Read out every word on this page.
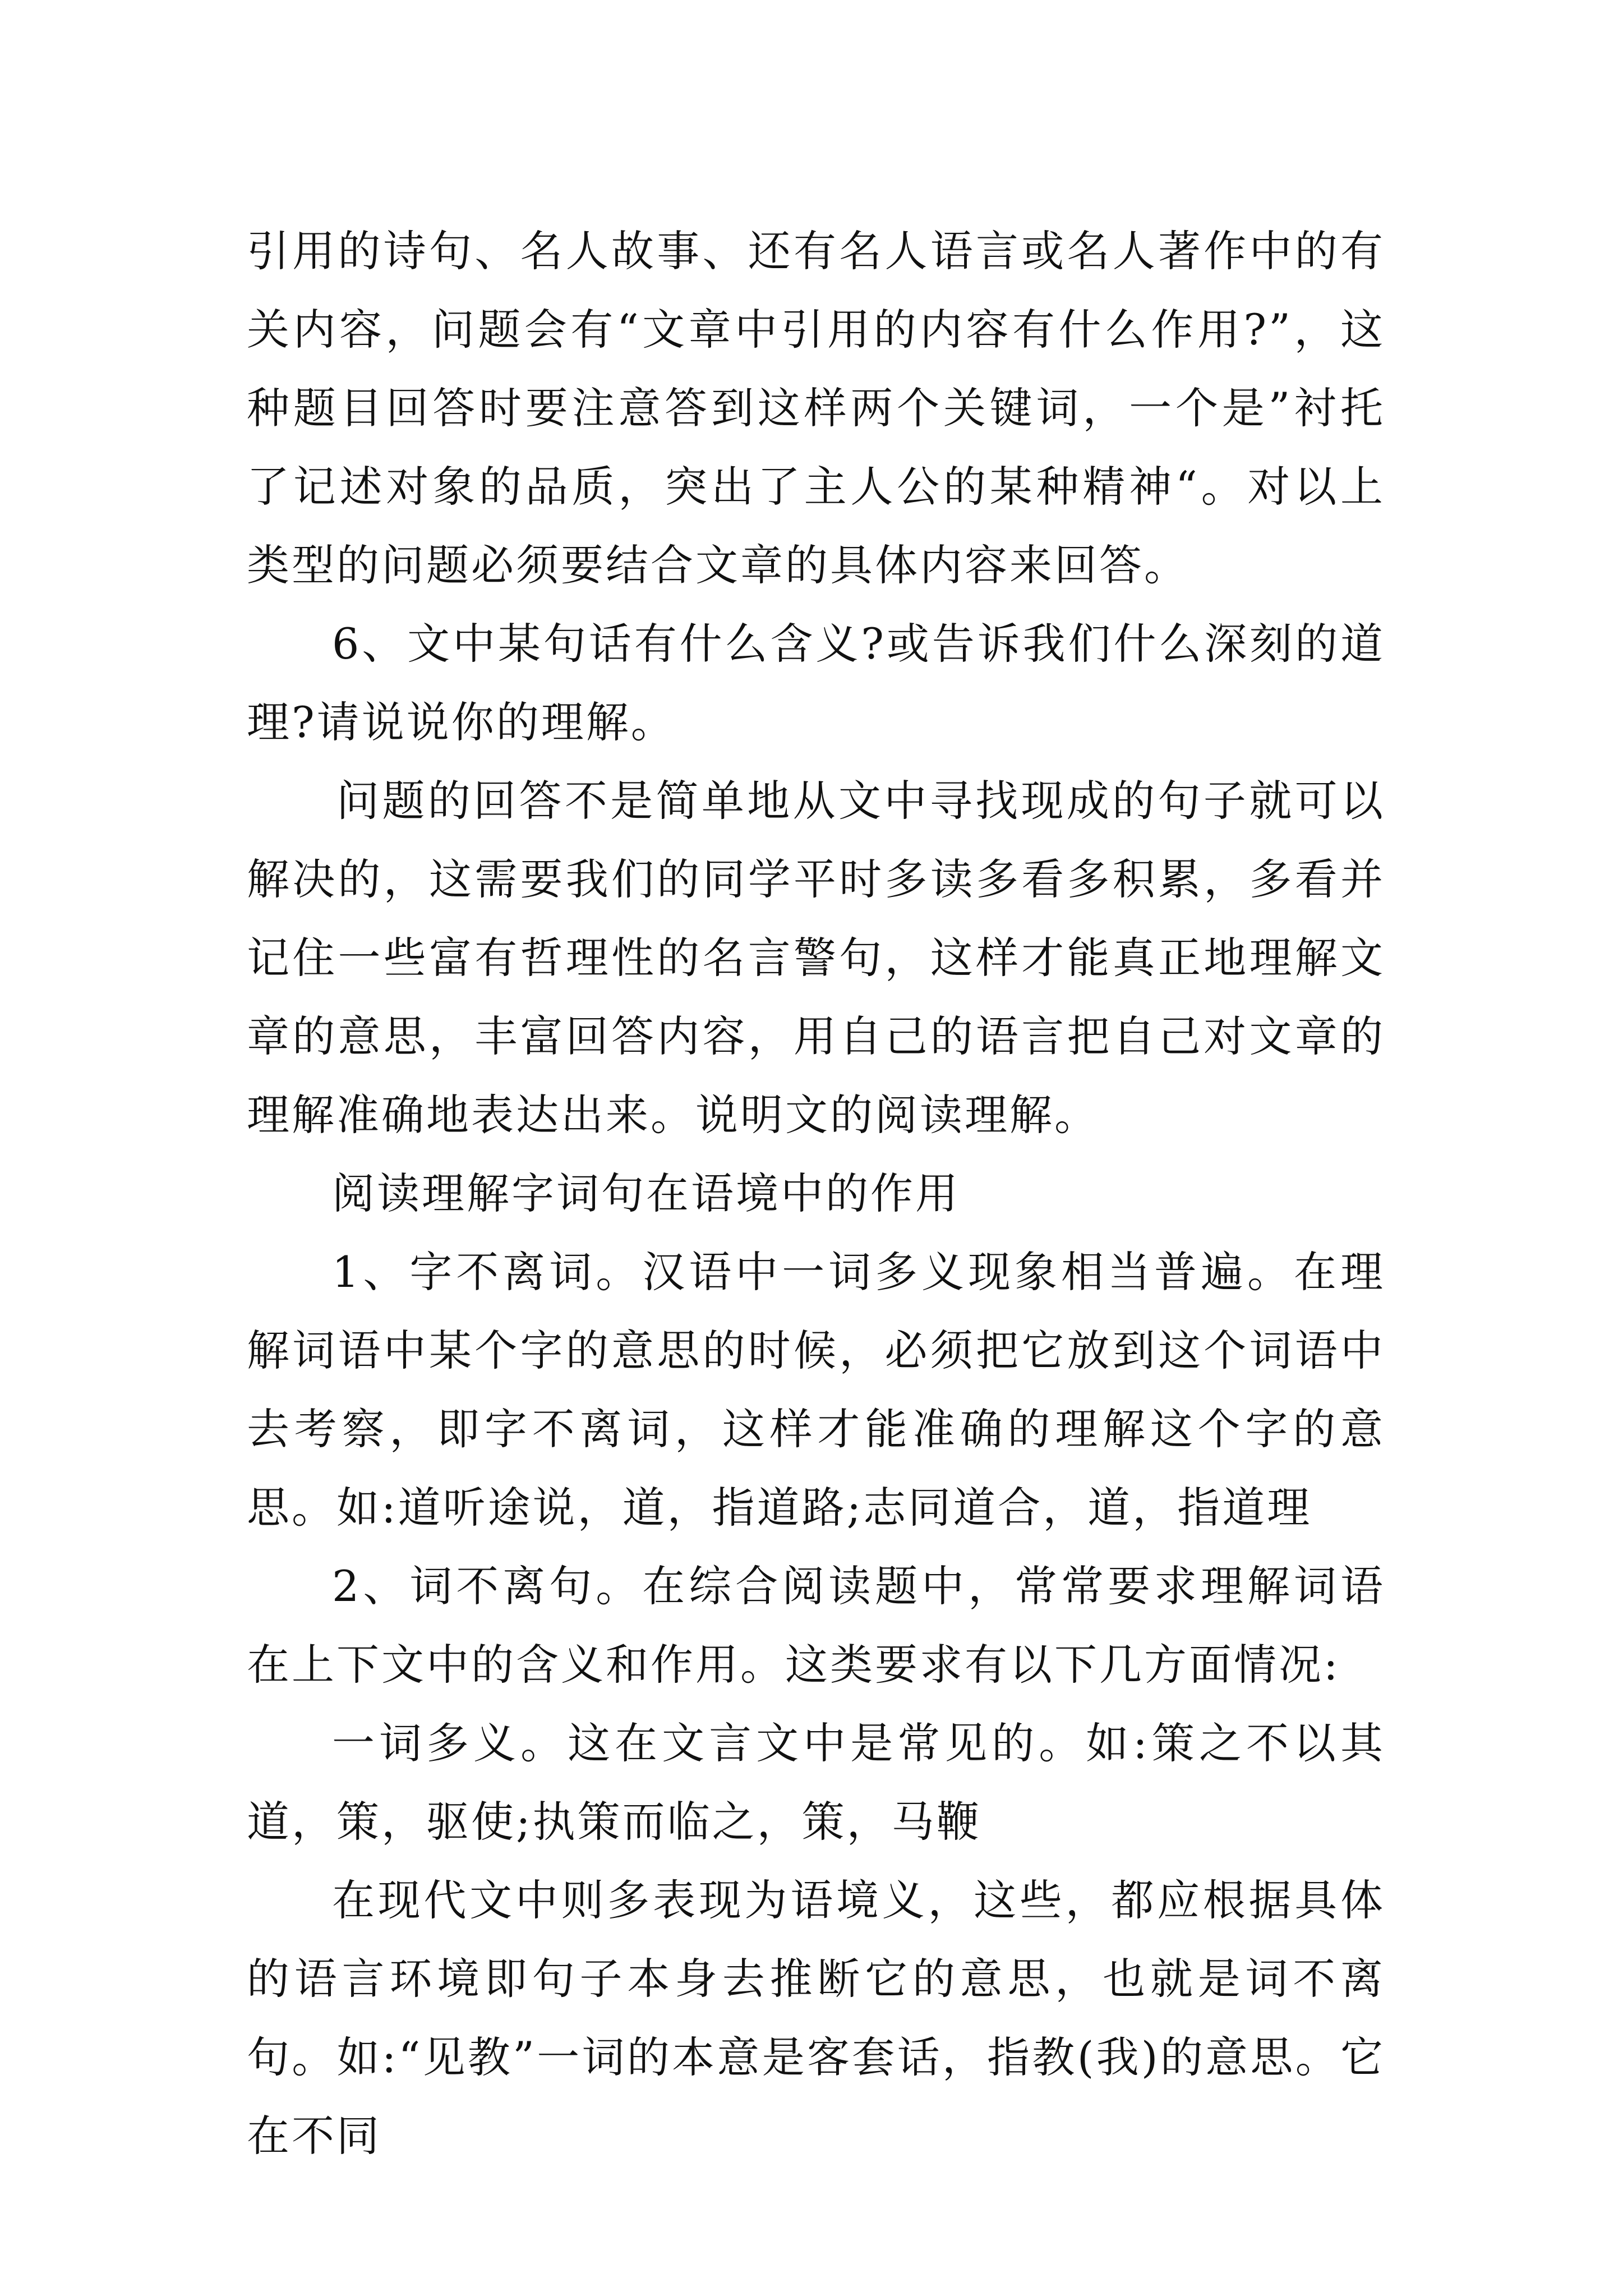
引用的诗句、名人故事、还有名人语言或名人著作中的有关内容，问题会有“文章中引用的内容有什么作用?”，这种题目回答时要注意答到这样两个关键词，一个是”衬托了记述对象的品质，突出了主人公的某种精神“。对以上类型的问题必须要结合文章的具体内容来回答。

6、文中某句话有什么含义?或告诉我们什么深刻的道理?请说说你的理解。

问题的回答不是简单地从文中寻找现成的句子就可以解决的，这需要我们的同学平时多读多看多积累，多看并记住一些富有哲理性的名言警句，这样才能真正地理解文章的意思，丰富回答内容，用自己的语言把自己对文章的理解准确地表达出来。说明文的阅读理解。

阅读理解字词句在语境中的作用

1、字不离词。汉语中一词多义现象相当普遍。在理解词语中某个字的意思的时候，必须把它放到这个词语中去考察，即字不离词，这样才能准确的理解这个字的意思。如:道听途说，道，指道路;志同道合，道，指道理

2、词不离句。在综合阅读题中，常常要求理解词语在上下文中的含义和作用。这类要求有以下几方面情况:

一词多义。这在文言文中是常见的。如:策之不以其道，策，驱使;执策而临之，策，马鞭

在现代文中则多表现为语境义，这些，都应根据具体的语言环境即句子本身去推断它的意思，也就是词不离句。如:“见教”一词的本意是客套话，指教(我)的意思。它在不同
